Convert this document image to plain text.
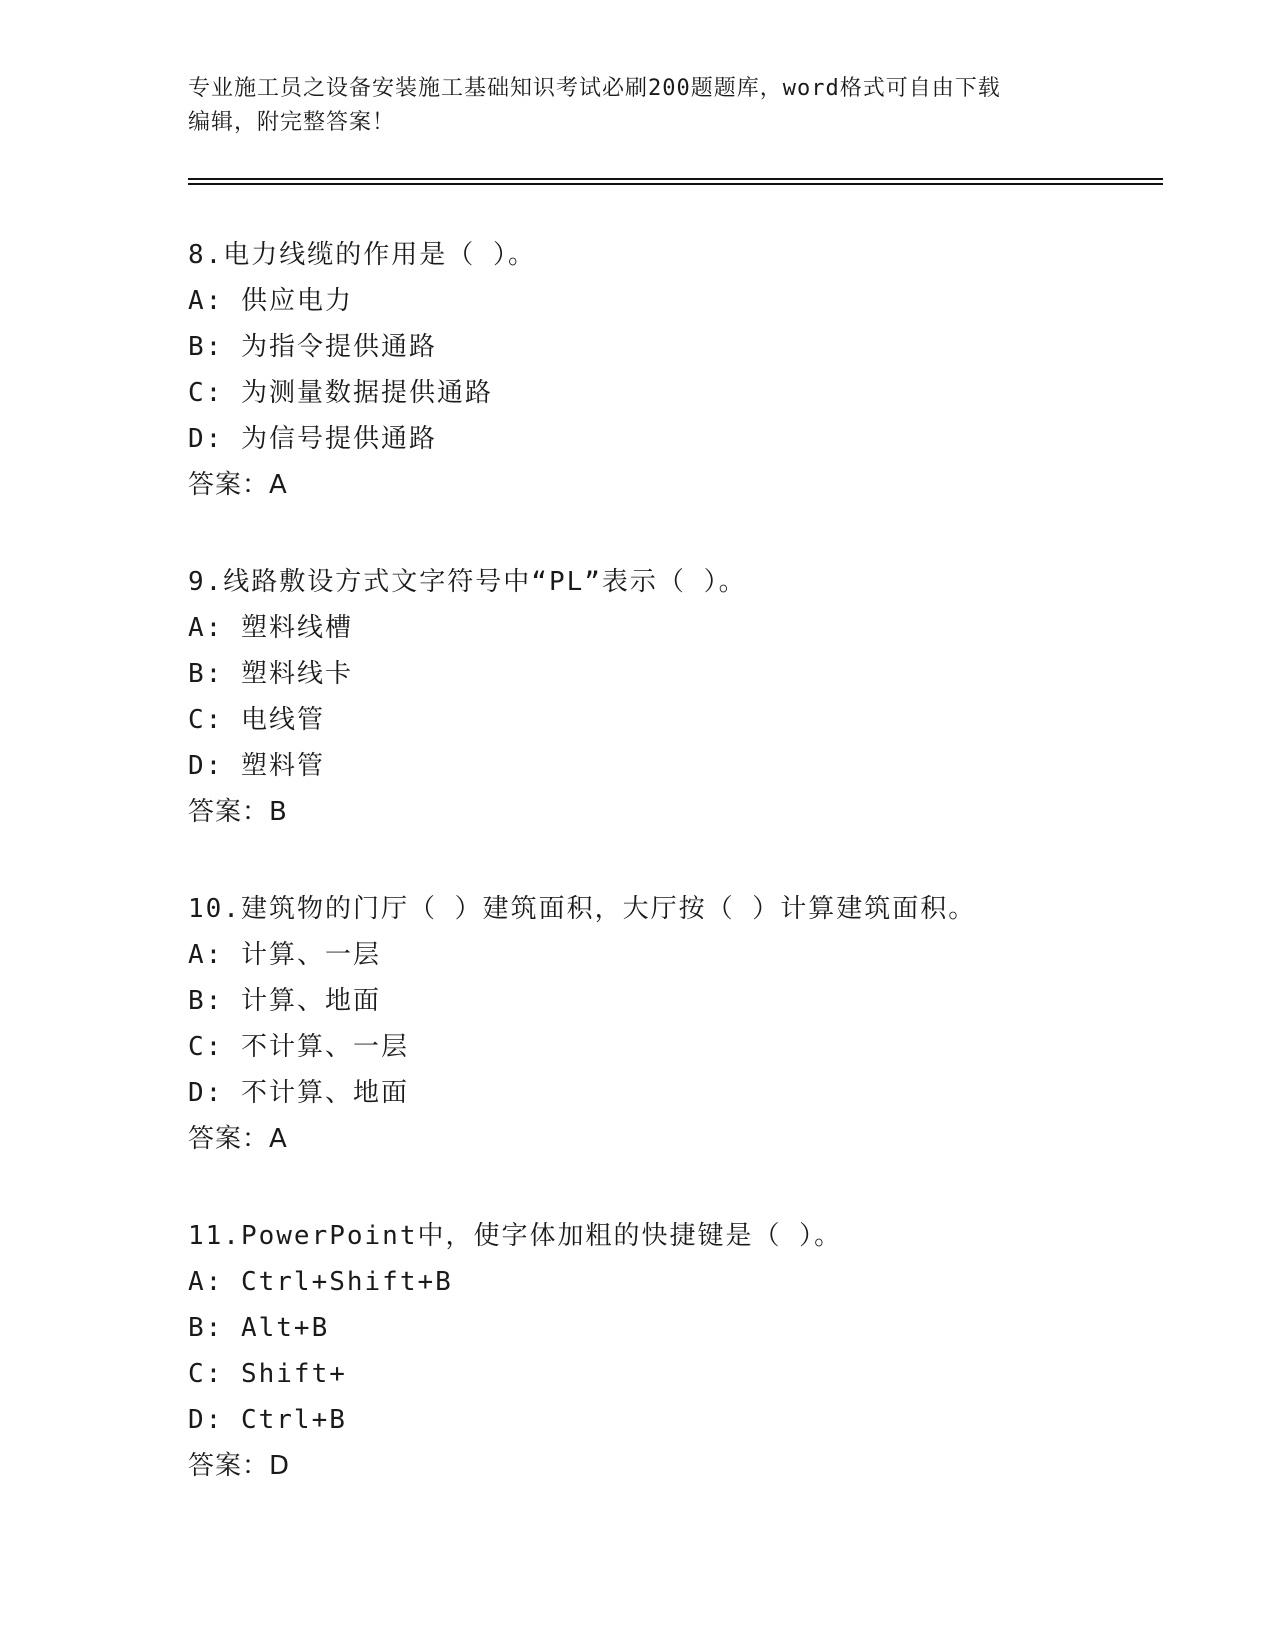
专业施工员之设备安装施工基础知识考试必刷200题题库，word格式可自由下载
编辑，附完整答案！
8.电力线缆的作用是（ ）。
A: 供应电力
B: 为指令提供通路
C: 为测量数据提供通路
D: 为信号提供通路
答案：A
9.线路敷设方式文字符号中“PL”表示（ ）。
A: 塑料线槽
B: 塑料线卡
C: 电线管
D: 塑料管
答案：B
10.建筑物的门厅（ ）建筑面积，大厅按（ ）计算建筑面积。
A: 计算、一层
B: 计算、地面
C: 不计算、一层
D: 不计算、地面
答案：A
11.PowerPoint中，使字体加粗的快捷键是（ ）。
A: Ctrl+Shift+B
B: Alt+B
C: Shift+
D: Ctrl+B
答案：D
